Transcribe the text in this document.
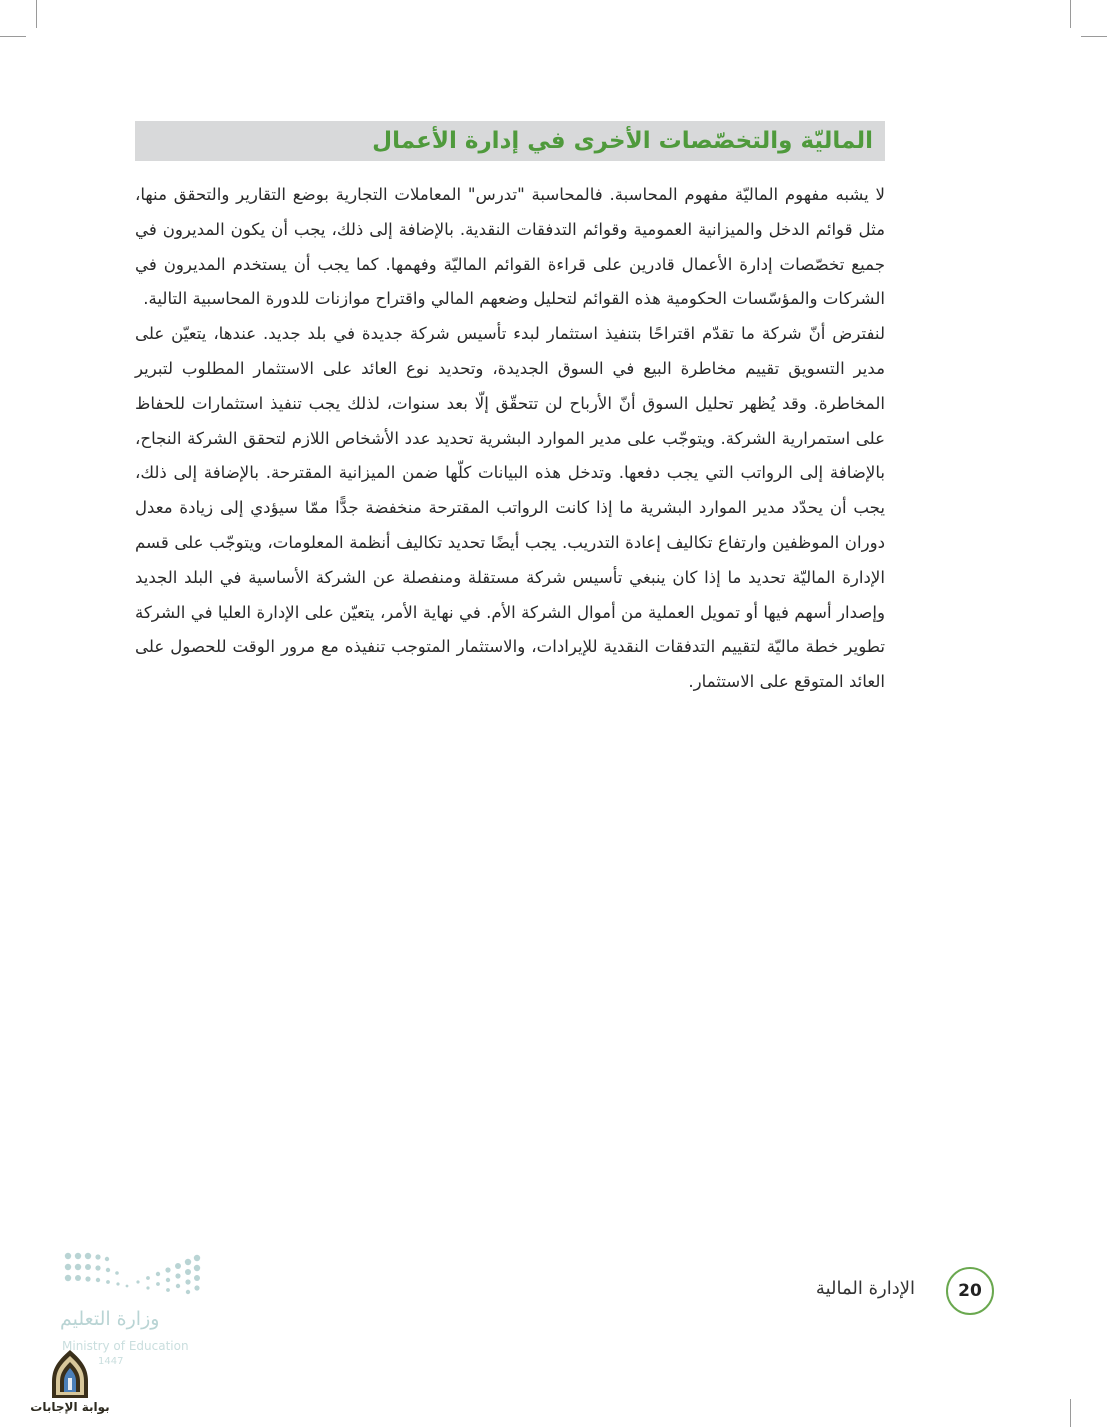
الماليّة والتخصّصات الأخرى في إدارة الأعمال

لا يشبه مفهوم الماليّة مفهوم المحاسبة. فالمحاسبة "تدرس" المعاملات التجارية بوضع التقارير والتحقق منها، مثل قوائم الدخل والميزانية العمومية وقوائم التدفقات النقدية. بالإضافة إلى ذلك، يجب أن يكون المديرون في جميع تخصّصات إدارة الأعمال قادرين على قراءة القوائم الماليّة وفهمها. كما يجب أن يستخدم المديرون في الشركات والمؤسّسات الحكومية هذه القوائم لتحليل وضعهم المالي واقتراح موازنات للدورة المحاسبية التالية.

لنفترض أنّ شركة ما تقدّم اقتراحًا بتنفيذ استثمار لبدء تأسيس شركة جديدة في بلد جديد. عندها، يتعيّن على مدير التسويق تقييم مخاطرة البيع في السوق الجديدة، وتحديد نوع العائد على الاستثمار المطلوب لتبرير المخاطرة. وقد يُظهر تحليل السوق أنّ الأرباح لن تتحقّق إلّا بعد سنوات، لذلك يجب تنفيذ استثمارات للحفاظ على استمرارية الشركة. ويتوجّب على مدير الموارد البشرية تحديد عدد الأشخاص اللازم لتحقق الشركة النجاح، بالإضافة إلى الرواتب التي يجب دفعها. وتدخل هذه البيانات كلّها ضمن الميزانية المقترحة. بالإضافة إلى ذلك، يجب أن يحدّد مدير الموارد البشرية ما إذا كانت الرواتب المقترحة منخفضة جدًّا ممّا سيؤدي إلى زيادة معدل دوران الموظفين وارتفاع تكاليف إعادة التدريب. يجب أيضًا تحديد تكاليف أنظمة المعلومات، ويتوجّب على قسم الإدارة الماليّة تحديد ما إذا كان ينبغي تأسيس شركة مستقلة ومنفصلة عن الشركة الأساسية في البلد الجديد وإصدار أسهم فيها أو تمويل العملية من أموال الشركة الأم. في نهاية الأمر، يتعيّن على الإدارة العليا في الشركة تطوير خطة ماليّة لتقييم التدفقات النقدية للإيرادات، والاستثمار المتوجب تنفيذه مع مرور الوقت للحصول على العائد المتوقع على الاستثمار.

20
الإدارة المالية
وزارة التعليم
Ministry of Education
1447
بوابة الإجابات
